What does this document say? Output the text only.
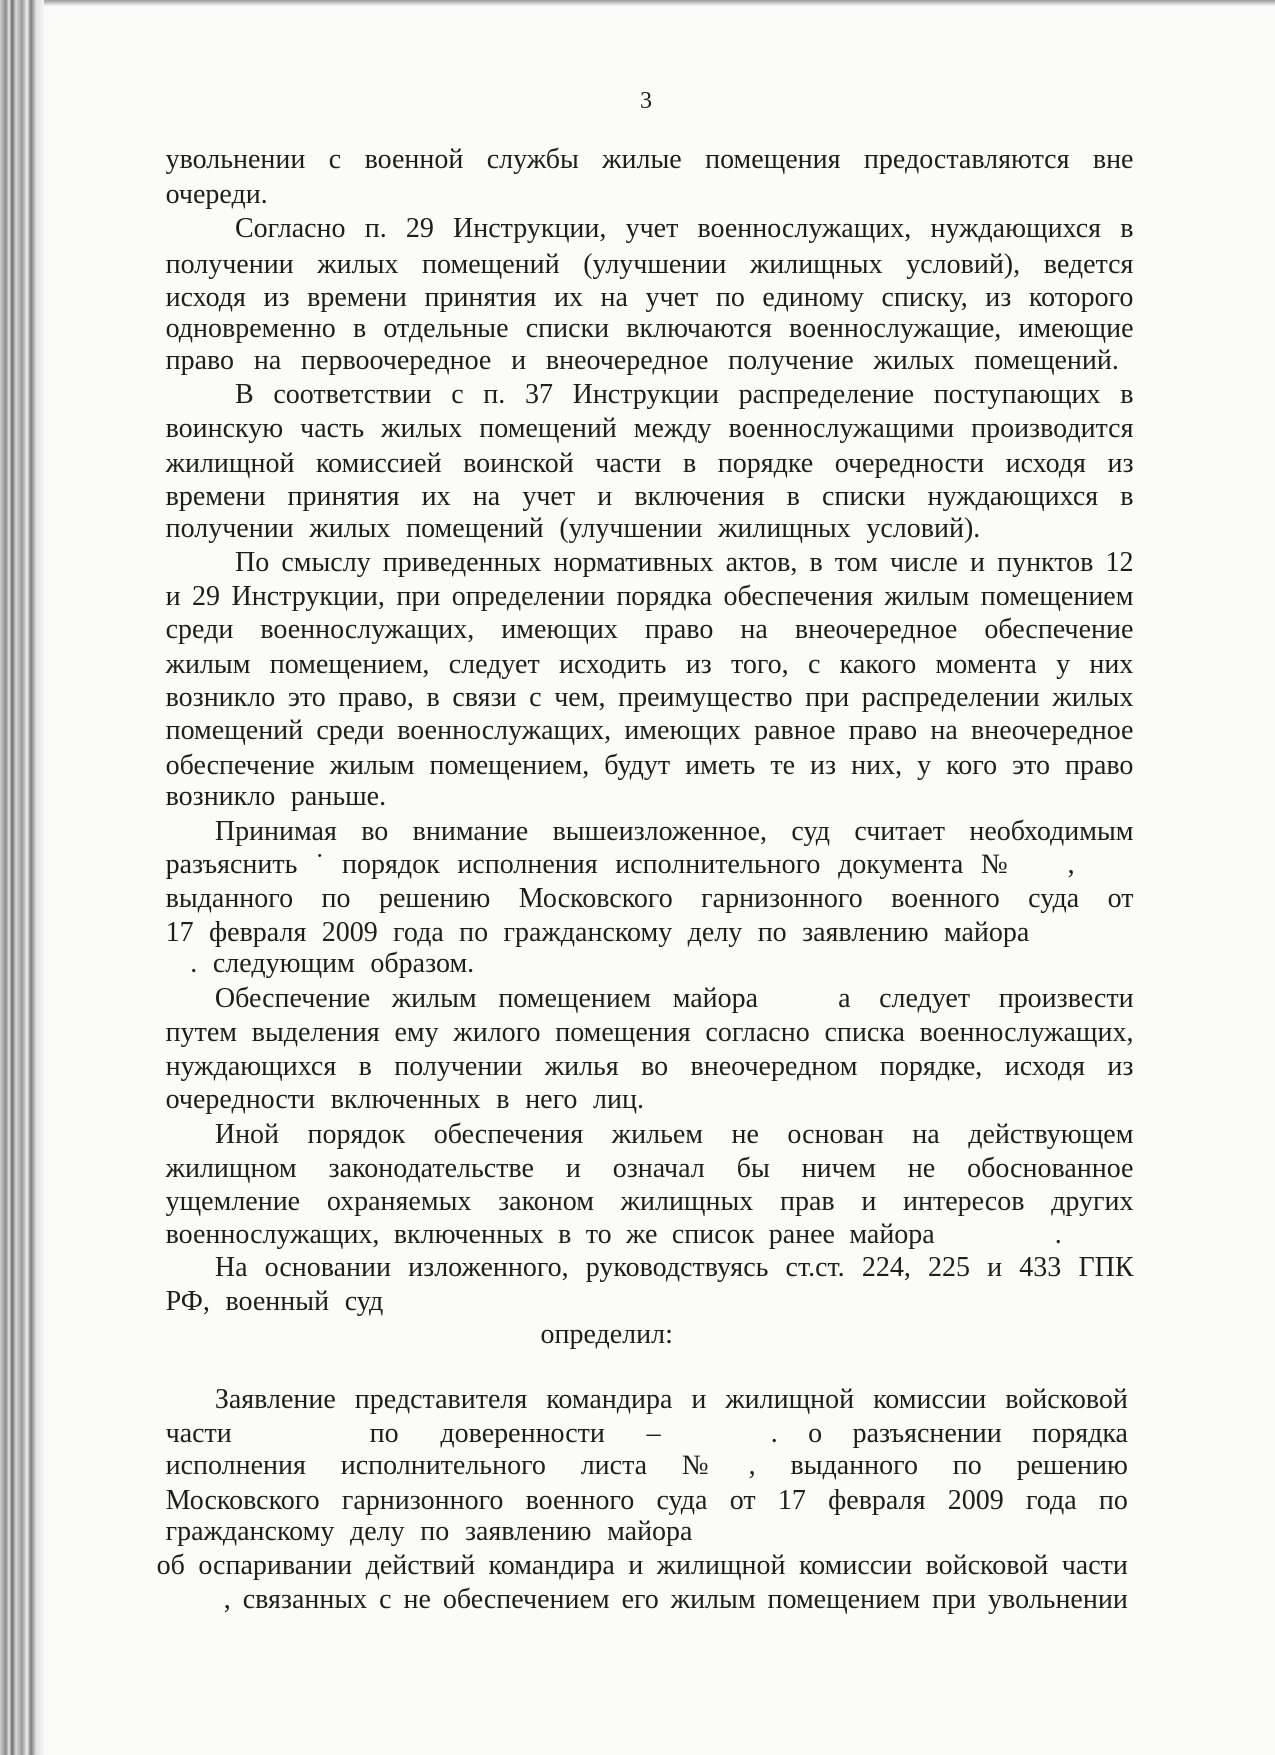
3
увольнении с военной службы жилые помещения предоставляются вне
очереди.
Согласно п. 29 Инструкции, учет военнослужащих, нуждающихся в
получении жилых помещений (улучшении жилищных условий), ведется
исходя из времени принятия их на учет по единому списку, из которого
одновременно в отдельные списки включаются военнослужащие, имеющие
право на первоочередное и внеочередное получение жилых помещений.
В соответствии с п. 37 Инструкции распределение поступающих в
воинскую часть жилых помещений между военнослужащими производится
жилищной комиссией воинской части в порядке очередности исходя из
времени принятия их на учет и включения в списки нуждающихся в
получении жилых помещений (улучшении жилищных условий).
По смыслу приведенных нормативных актов, в том числе и пунктов 12
и 29 Инструкции, при определении порядка обеспечения жилым помещением
среди военнослужащих, имеющих право на внеочередное обеспечение
жилым помещением, следует исходить из того, с какого момента у них
возникло это право, в связи с чем, преимущество при распределении жилых
помещений среди военнослужащих, имеющих равное право на внеочередное
обеспечение жилым помещением, будут иметь те из них, у кого это право
возникло раньше.
Принимая во внимание вышеизложенное, суд считает необходимым
разъяснить ˙ порядок исполнения исполнительного документа № ,
выданного по решению Московского гарнизонного военного суда от
17 февраля 2009 года по гражданскому делу по заявлению майора
. следующим образом.
Обеспечение жилым помещением майора	а следует произвести
путем выделения ему жилого помещения согласно списка военнослужащих,
нуждающихся в получении жилья во внеочередном порядке, исходя из
очередности включенных в него лиц.
Иной порядок обеспечения жильем не основан на действующем
жилищном законодательстве и означал бы ничем не обоснованное
ущемление охраняемых законом жилищных прав и интересов других
военнослужащих, включенных в то же список ранее майора	.
На основании изложенного, руководствуясь ст.ст. 224, 225 и 433 ГПК
РФ, военный суд
Заявление представителя командира и жилищной комиссии войсковой
части	по доверенности –	. о разъяснении порядка
исполнения исполнительного листа № , выданного по решению
Московского гарнизонного военного суда от 17 февраля 2009 года по
гражданскому делу по заявлению майора
об оспаривании действий командира и жилищной комиссии войсковой части
, связанных с не обеспечением его жилым помещением при увольнении
определил:
